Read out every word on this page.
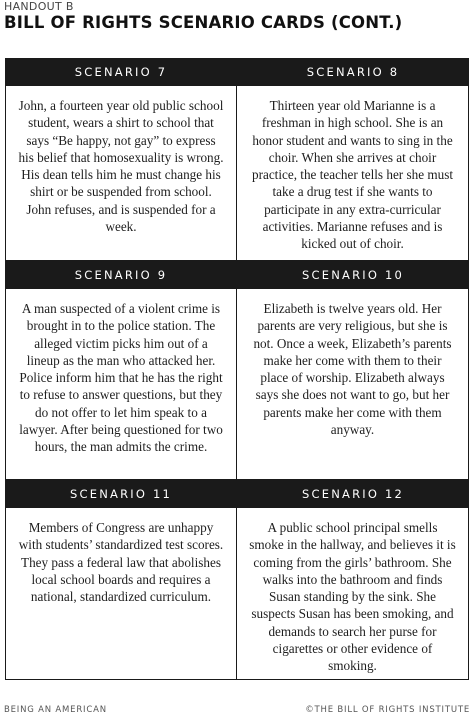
HANDOUT B
BILL OF RIGHTS SCENARIO CARDS (CONT.)
SCENARIO 7
John, a fourteen year old public school student, wears a shirt to school that says “Be happy, not gay” to express his belief that homosexuality is wrong. His dean tells him he must change his shirt or be suspended from school. John refuses, and is suspended for a week.
SCENARIO 8
Thirteen year old Marianne is a freshman in high school. She is an honor student and wants to sing in the choir. When she arrives at choir practice, the teacher tells her she must take a drug test if she wants to participate in any extra-curricular activities. Marianne refuses and is kicked out of choir.
SCENARIO 9
A man suspected of a violent crime is brought in to the police station. The alleged victim picks him out of a lineup as the man who attacked her. Police inform him that he has the right to refuse to answer questions, but they do not offer to let him speak to a lawyer. After being questioned for two hours, the man admits the crime.
SCENARIO 10
Elizabeth is twelve years old. Her parents are very religious, but she is not. Once a week, Elizabeth’s parents make her come with them to their place of worship. Elizabeth always says she does not want to go, but her parents make her come with them anyway.
SCENARIO 11
Members of Congress are unhappy with students’ standardized test scores. They pass a federal law that abolishes local school boards and requires a national, standardized curriculum.
SCENARIO 12
A public school principal smells smoke in the hallway, and believes it is coming from the girls’ bathroom. She walks into the bathroom and finds Susan standing by the sink. She suspects Susan has been smoking, and demands to search her purse for cigarettes or other evidence of smoking.
BEING AN AMERICAN	©THE BILL OF RIGHTS INSTITUTE
